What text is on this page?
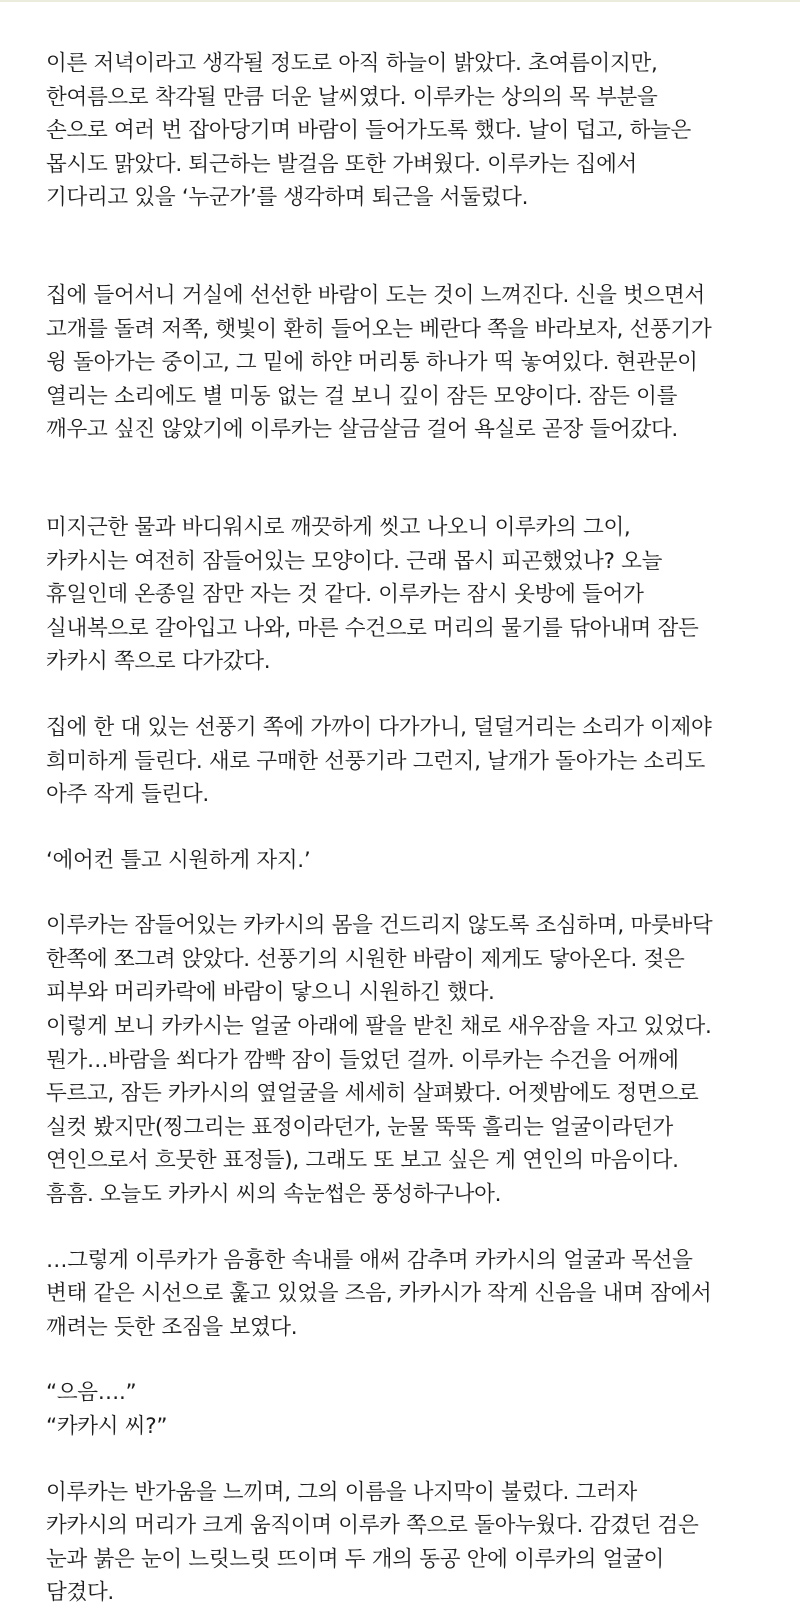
이른 저녁이라고 생각될 정도로 아직 하늘이 밝았다. 초여름이지만,
한여름으로 착각될 만큼 더운 날씨였다. 이루카는 상의의 목 부분을
손으로 여러 번 잡아당기며 바람이 들어가도록 했다. 날이 덥고, 하늘은
몹시도 맑았다. 퇴근하는 발걸음 또한 가벼웠다. 이루카는 집에서
기다리고 있을 ‘누군가’를 생각하며 퇴근을 서둘렀다.
집에 들어서니 거실에 선선한 바람이 도는 것이 느껴진다. 신을 벗으면서
고개를 돌려 저쪽, 햇빛이 환히 들어오는 베란다 쪽을 바라보자, 선풍기가
윙 돌아가는 중이고, 그 밑에 하얀 머리통 하나가 띡 놓여있다. 현관문이
열리는 소리에도 별 미동 없는 걸 보니 깊이 잠든 모양이다. 잠든 이를
깨우고 싶진 않았기에 이루카는 살금살금 걸어 욕실로 곧장 들어갔다.
미지근한 물과 바디워시로 깨끗하게 씻고 나오니 이루카의 그이,
카카시는 여전히 잠들어있는 모양이다. 근래 몹시 피곤했었나? 오늘
휴일인데 온종일 잠만 자는 것 같다. 이루카는 잠시 옷방에 들어가
실내복으로 갈아입고 나와, 마른 수건으로 머리의 물기를 닦아내며 잠든
카카시 쪽으로 다가갔다.
집에 한 대 있는 선풍기 쪽에 가까이 다가가니, 덜덜거리는 소리가 이제야
희미하게 들린다. 새로 구매한 선풍기라 그런지, 날개가 돌아가는 소리도
아주 작게 들린다.
‘에어컨 틀고 시원하게 자지.’
이루카는 잠들어있는 카카시의 몸을 건드리지 않도록 조심하며, 마룻바닥
한쪽에 쪼그려 앉았다. 선풍기의 시원한 바람이 제게도 닿아온다. 젖은
피부와 머리카락에 바람이 닿으니 시원하긴 했다.
이렇게 보니 카카시는 얼굴 아래에 팔을 받친 채로 새우잠을 자고 있었다.
뭔가…바람을 쐬다가 깜빡 잠이 들었던 걸까. 이루카는 수건을 어깨에
두르고, 잠든 카카시의 옆얼굴을 세세히 살펴봤다. 어젯밤에도 정면으로
실컷 봤지만(찡그리는 표정이라던가, 눈물 뚝뚝 흘리는 얼굴이라던가
연인으로서 흐뭇한 표정들), 그래도 또 보고 싶은 게 연인의 마음이다.
흠흠. 오늘도 카카시 씨의 속눈썹은 풍성하구나아.
…그렇게 이루카가 음흉한 속내를 애써 감추며 카카시의 얼굴과 목선을
변태 같은 시선으로 훑고 있었을 즈음, 카카시가 작게 신음을 내며 잠에서
깨려는 듯한 조짐을 보였다.
“으음….”
“카카시 씨?”
이루카는 반가움을 느끼며, 그의 이름을 나지막이 불렀다. 그러자
카카시의 머리가 크게 움직이며 이루카 쪽으로 돌아누웠다. 감겼던 검은
눈과 붉은 눈이 느릿느릿 뜨이며 두 개의 동공 안에 이루카의 얼굴이
담겼다.
